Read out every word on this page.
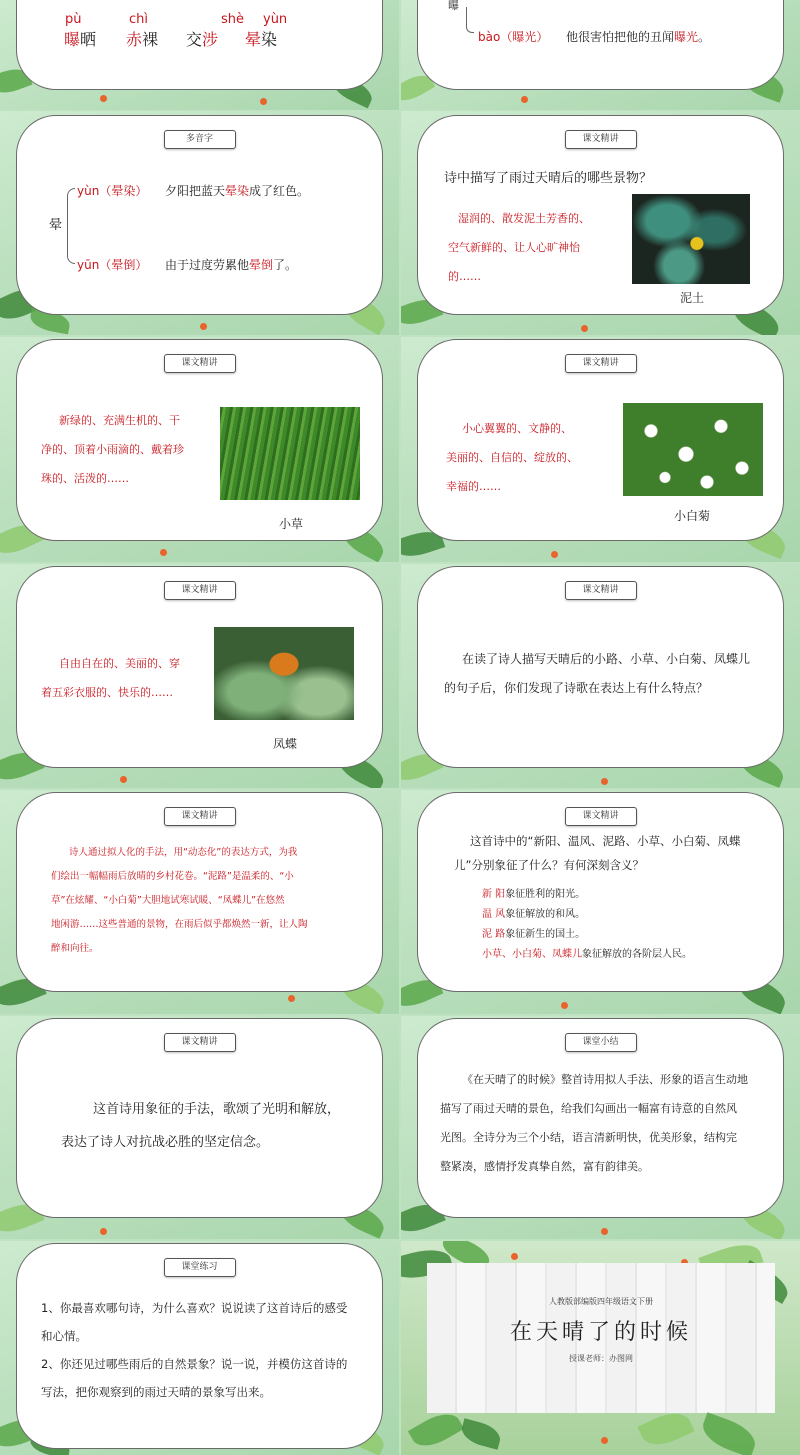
pù	chì	shè yùn
曝晒 赤裸 交涉 晕染
曝
bào（曝光） 他很害怕把他的丑闻曝光。
多音字
晕
yùn（晕染） 夕阳把蓝天晕染成了红色。
yūn（晕倒） 由于过度劳累他晕倒了。
课文精讲
诗中描写了雨过天晴后的哪些景物？
湿润的、散发泥土芳香的、
空气新鲜的、让人心旷神怡
的……
泥土
课文精讲
新绿的、充满生机的、干
净的、顶着小雨滴的、戴着珍
珠的、活泼的……
小草
课文精讲
小心翼翼的、文静的、
美丽的、自信的、绽放的、
幸福的……
小白菊
课文精讲
自由自在的、美丽的、穿
着五彩衣服的、快乐的……
凤蝶
课文精讲
在读了诗人描写天晴后的小路、小草、小白菊、凤蝶儿
的句子后，你们发现了诗歌在表达上有什么特点？
课文精讲
诗人通过拟人化的手法，用“动态化”的表达方式，为我
们绘出一幅幅雨后放晴的乡村花卷。“泥路”是温柔的、“小
草”在炫耀、“小白菊”大胆地试寒试暖、“凤蝶儿”在悠然
地闲游……这些普通的景物，在雨后似乎都焕然一新，让人陶
醉和向往。
课文精讲
这首诗中的“新阳、温风、泥路、小草、小白菊、凤蝶
儿”分别象征了什么？有何深刻含义？
新 阳象征胜利的阳光。
温 风象征解放的和风。
泥 路象征新生的国土。
小草、小白菊、凤蝶儿象征解放的各阶层人民。
课文精讲
这首诗用象征的手法，歌颂了光明和解放，
表达了诗人对抗战必胜的坚定信念。
课堂小结
《在天晴了的时候》整首诗用拟人手法、形象的语言生动地
描写了雨过天晴的景色，给我们勾画出一幅富有诗意的自然风
光图。全诗分为三个小结，语言清新明快，优美形象，结构完
整紧凑，感情抒发真挚自然，富有韵律美。
课堂练习
1、你最喜欢哪句诗，为什么喜欢？说说读了这首诗后的感受
和心情。
2、你还见过哪些雨后的自然景象？说一说，并模仿这首诗的
写法，把你观察到的雨过天晴的景象写出来。
人教版部编版四年级语文下册
在天晴了的时候
授课老师：办图网
